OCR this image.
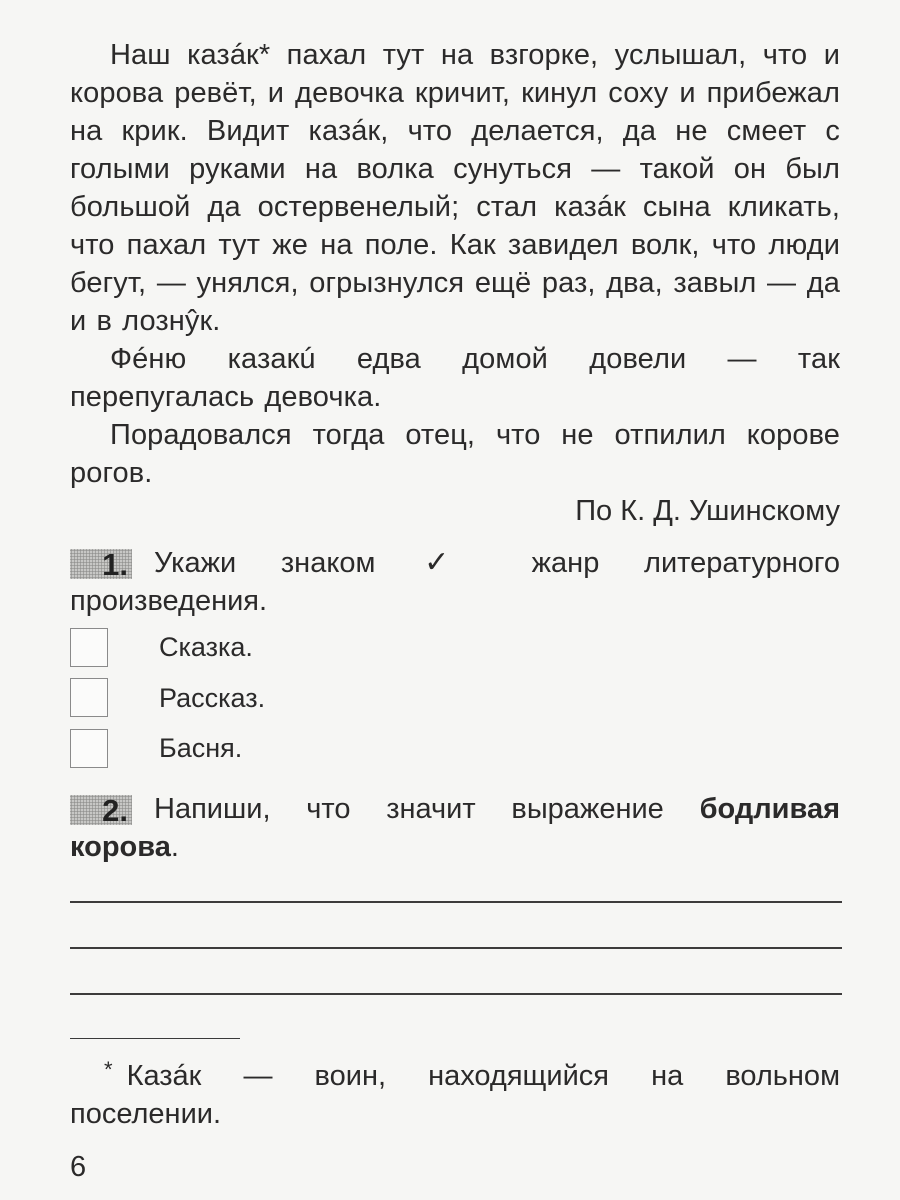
Наш казáк* пахал тут на взгорке, услышал, что и корова ревёт, и девочка кричит, кинул соху и прибежал на крик. Видит казáк, что делается, да не смеет с голыми руками на волка сунуться — такой он был большой да остервенелый; стал казáк сына кликать, что пахал тут же на поле. Как завидел волк, что люди бегут, — унялся, огрызнулся ещё раз, два, завыл — да и в лознŷк.

Фéню казакú едва домой довели — так перепугалась девочка.

Порадовался тогда отец, что не отпилил корове рогов.

По К. Д. Ушинскому

1. Укажи знаком ✓ жанр литературного произведения.

Сказка.
Рассказ.
Басня.

2. Напиши, что значит выражение бодливая корова.

* Казáк — воин, находящийся на вольном поселении.

6
